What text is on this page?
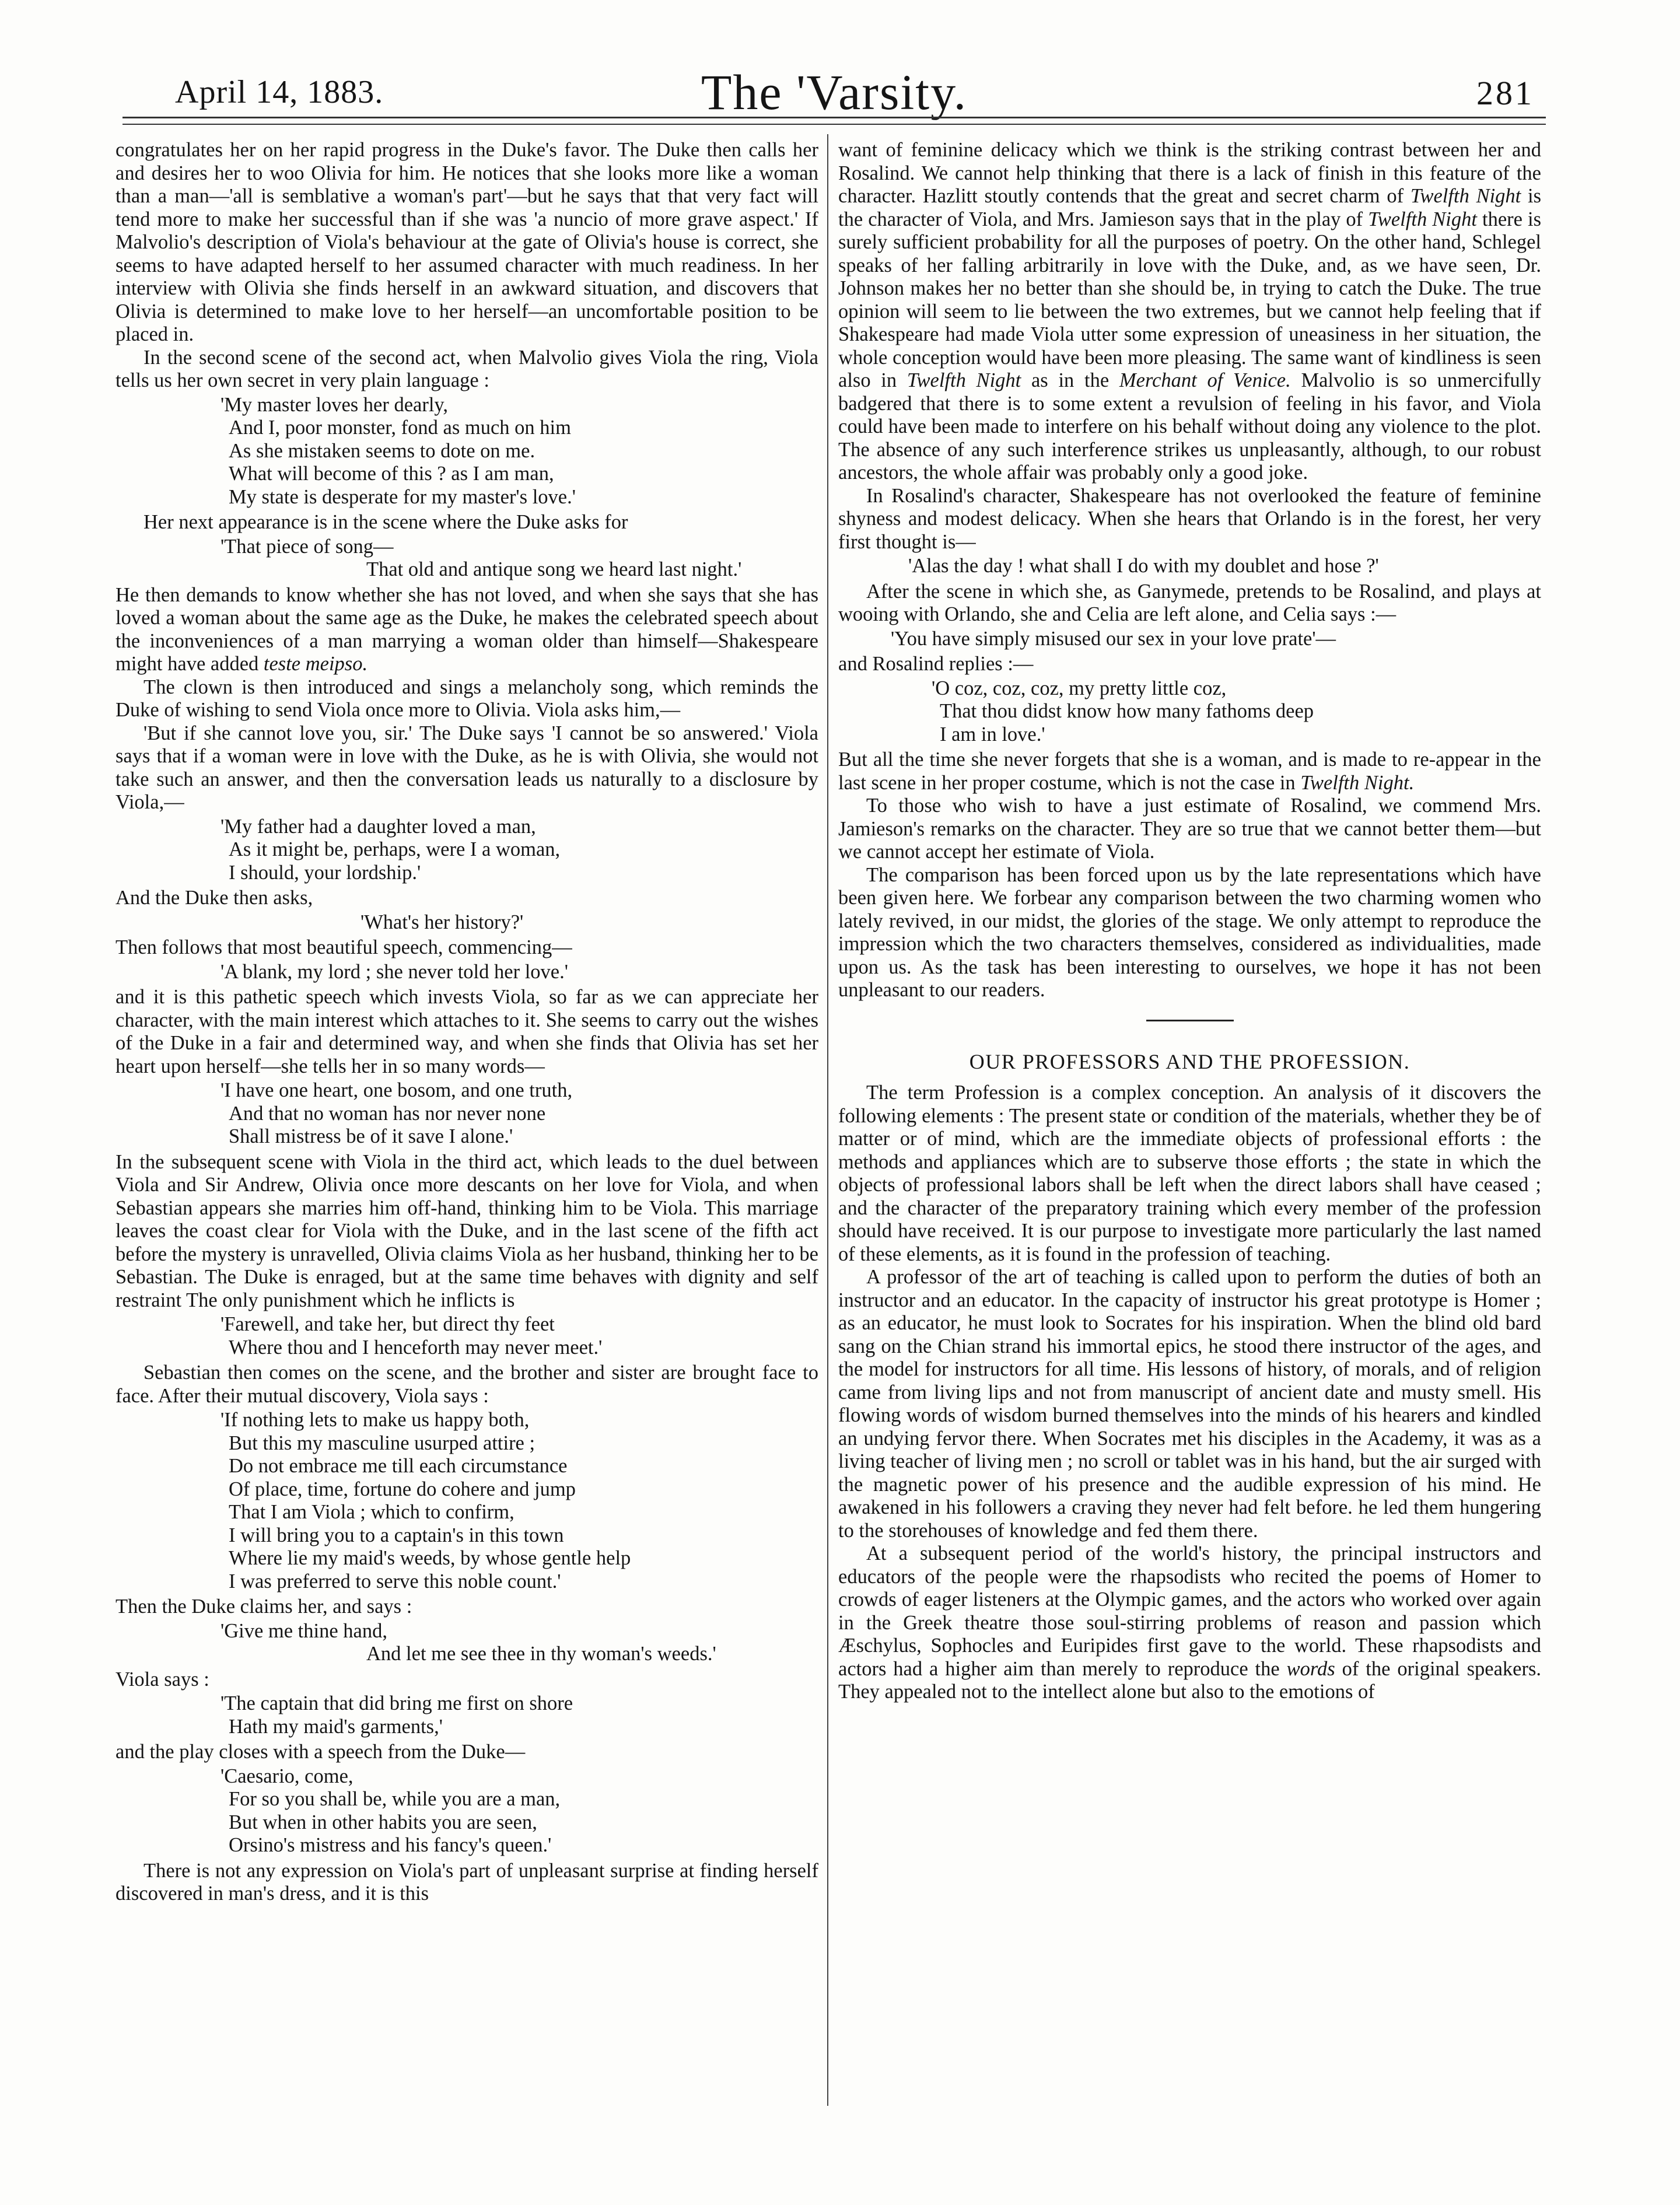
April 14, 1883.	The 'Varsity.	281

congratulates her on her rapid progress in the Duke's favor. The Duke then calls her and desires her to woo Olivia for him. He notices that she looks more like a woman than a man—'all is semblative a woman's part'—but he says that that very fact will tend more to make her successful than if she was 'a nuncio of more grave aspect.' If Malvolio's description of Viola's behaviour at the gate of Olivia's house is correct, she seems to have adapted herself to her assumed character with much readiness. In her interview with Olivia she finds herself in an awkward situation, and discovers that Olivia is determined to make love to her herself—an uncomfortable position to be placed in.

In the second scene of the second act, when Malvolio gives Viola the ring, Viola tells us her own secret in very plain language :

'My master loves her dearly,
And I, poor monster, fond as much on him
As she mistaken seems to dote on me.
What will become of this ? as I am man,
My state is desperate for my master's love.'

Her next appearance is in the scene where the Duke asks for

'That piece of song—
That old and antique song we heard last night.'

He then demands to know whether she has not loved, and when she says that she has loved a woman about the same age as the Duke, he makes the celebrated speech about the inconveniences of a man marrying a woman older than himself—Shakespeare might have added teste meipso.

The clown is then introduced and sings a melancholy song, which reminds the Duke of wishing to send Viola once more to Olivia. Viola asks him,—

'But if she cannot love you, sir.' The Duke says 'I cannot be so answered.' Viola says that if a woman were in love with the Duke, as he is with Olivia, she would not take such an answer, and then the conversation leads us naturally to a disclosure by Viola,—

'My father had a daughter loved a man,
As it might be, perhaps, were I a woman,
I should, your lordship.'

And the Duke then asks,

'What's her history?'

Then follows that most beautiful speech, commencing—

'A blank, my lord ; she never told her love.'

and it is this pathetic speech which invests Viola, so far as we can appreciate her character, with the main interest which attaches to it. She seems to carry out the wishes of the Duke in a fair and determined way, and when she finds that Olivia has set her heart upon herself—she tells her in so many words—

'I have one heart, one bosom, and one truth,
And that no woman has nor never none
Shall mistress be of it save I alone.'

In the subsequent scene with Viola in the third act, which leads to the duel between Viola and Sir Andrew, Olivia once more descants on her love for Viola, and when Sebastian appears she marries him off-hand, thinking him to be Viola. This marriage leaves the coast clear for Viola with the Duke, and in the last scene of the fifth act before the mystery is unravelled, Olivia claims Viola as her husband, thinking her to be Sebastian. The Duke is enraged, but at the same time behaves with dignity and self restraint The only punishment which he inflicts is

'Farewell, and take her, but direct thy feet
Where thou and I henceforth may never meet.'

Sebastian then comes on the scene, and the brother and sister are brought face to face. After their mutual discovery, Viola says :

'If nothing lets to make us happy both,
But this my masculine usurped attire ;
Do not embrace me till each circumstance
Of place, time, fortune do cohere and jump
That I am Viola ; which to confirm,
I will bring you to a captain's in this town
Where lie my maid's weeds, by whose gentle help
I was preferred to serve this noble count.'

Then the Duke claims her, and says :

'Give me thine hand,
And let me see thee in thy woman's weeds.'

Viola says :

'The captain that did bring me first on shore
Hath my maid's garments,'

and the play closes with a speech from the Duke—

'Caesario, come,
For so you shall be, while you are a man,
But when in other habits you are seen,
Orsino's mistress and his fancy's queen.'

There is not any expression on Viola's part of unpleasant surprise at finding herself discovered in man's dress, and it is this

want of feminine delicacy which we think is the striking contrast between her and Rosalind. We cannot help thinking that there is a lack of finish in this feature of the character. Hazlitt stoutly contends that the great and secret charm of Twelfth Night is the character of Viola, and Mrs. Jamieson says that in the play of Twelfth Night there is surely sufficient probability for all the purposes of poetry. On the other hand, Schlegel speaks of her falling arbitrarily in love with the Duke, and, as we have seen, Dr. Johnson makes her no better than she should be, in trying to catch the Duke. The true opinion will seem to lie between the two extremes, but we cannot help feeling that if Shakespeare had made Viola utter some expression of uneasiness in her situation, the whole conception would have been more pleasing. The same want of kindliness is seen also in Twelfth Night as in the Merchant of Venice. Malvolio is so unmercifully badgered that there is to some extent a revulsion of feeling in his favor, and Viola could have been made to interfere on his behalf without doing any violence to the plot. The absence of any such interference strikes us unpleasantly, although, to our robust ancestors, the whole affair was probably only a good joke.

In Rosalind's character, Shakespeare has not overlooked the feature of feminine shyness and modest delicacy. When she hears that Orlando is in the forest, her very first thought is—

'Alas the day ! what shall I do with my doublet and hose ?'

After the scene in which she, as Ganymede, pretends to be Rosalind, and plays at wooing with Orlando, she and Celia are left alone, and Celia says :—

'You have simply misused our sex in your love prate'—

and Rosalind replies :—

'O coz, coz, coz, my pretty little coz,
That thou didst know how many fathoms deep
I am in love.'

But all the time she never forgets that she is a woman, and is made to re-appear in the last scene in her proper costume, which is not the case in Twelfth Night.

To those who wish to have a just estimate of Rosalind, we commend Mrs. Jamieson's remarks on the character. They are so true that we cannot better them—but we cannot accept her estimate of Viola.

The comparison has been forced upon us by the late representations which have been given here. We forbear any comparison between the two charming women who lately revived, in our midst, the glories of the stage. We only attempt to reproduce the impression which the two characters themselves, considered as individualities, made upon us. As the task has been interesting to ourselves, we hope it has not been unpleasant to our readers.

OUR PROFESSORS AND THE PROFESSION.

The term Profession is a complex conception. An analysis of it discovers the following elements : The present state or condition of the materials, whether they be of matter or of mind, which are the immediate objects of professional efforts : the methods and appliances which are to subserve those efforts ; the state in which the objects of professional labors shall be left when the direct labors shall have ceased ; and the character of the preparatory training which every member of the profession should have received. It is our purpose to investigate more particularly the last named of these elements, as it is found in the profession of teaching.

A professor of the art of teaching is called upon to perform the duties of both an instructor and an educator. In the capacity of instructor his great prototype is Homer ; as an educator, he must look to Socrates for his inspiration. When the blind old bard sang on the Chian strand his immortal epics, he stood there instructor of the ages, and the model for instructors for all time. His lessons of history, of morals, and of religion came from living lips and not from manuscript of ancient date and musty smell. His flowing words of wisdom burned themselves into the minds of his hearers and kindled an undying fervor there. When Socrates met his disciples in the Academy, it was as a living teacher of living men ; no scroll or tablet was in his hand, but the air surged with the magnetic power of his presence and the audible expression of his mind. He awakened in his followers a craving they never had felt before. he led them hungering to the storehouses of knowledge and fed them there.

At a subsequent period of the world's history, the principal instructors and educators of the people were the rhapsodists who recited the poems of Homer to crowds of eager listeners at the Olympic games, and the actors who worked over again in the Greek theatre those soul-stirring problems of reason and passion which Æschylus, Sophocles and Euripides first gave to the world. These rhapsodists and actors had a higher aim than merely to reproduce the words of the original speakers. They appealed not to the intellect alone but also to the emotions of
